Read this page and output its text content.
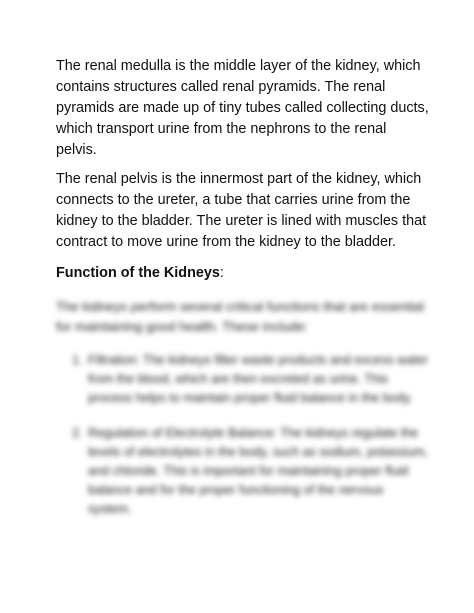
The renal medulla is the middle layer of the kidney, which contains structures called renal pyramids. The renal pyramids are made up of tiny tubes called collecting ducts, which transport urine from the nephrons to the renal pelvis.

The renal pelvis is the innermost part of the kidney, which connects to the ureter, a tube that carries urine from the kidney to the bladder. The ureter is lined with muscles that contract to move urine from the kidney to the bladder.

Function of the Kidneys:

The kidneys perform several critical functions that are essential for maintaining good health. These include:

1. Filtration: The kidneys filter waste products and excess water from the blood, which are then excreted as urine. This process helps to maintain proper fluid balance in the body.
2. Regulation of Electrolyte Balance: The kidneys regulate the levels of electrolytes in the body, such as sodium, potassium, and chloride. This is important for maintaining proper fluid balance and for the proper functioning of the nervous system.
